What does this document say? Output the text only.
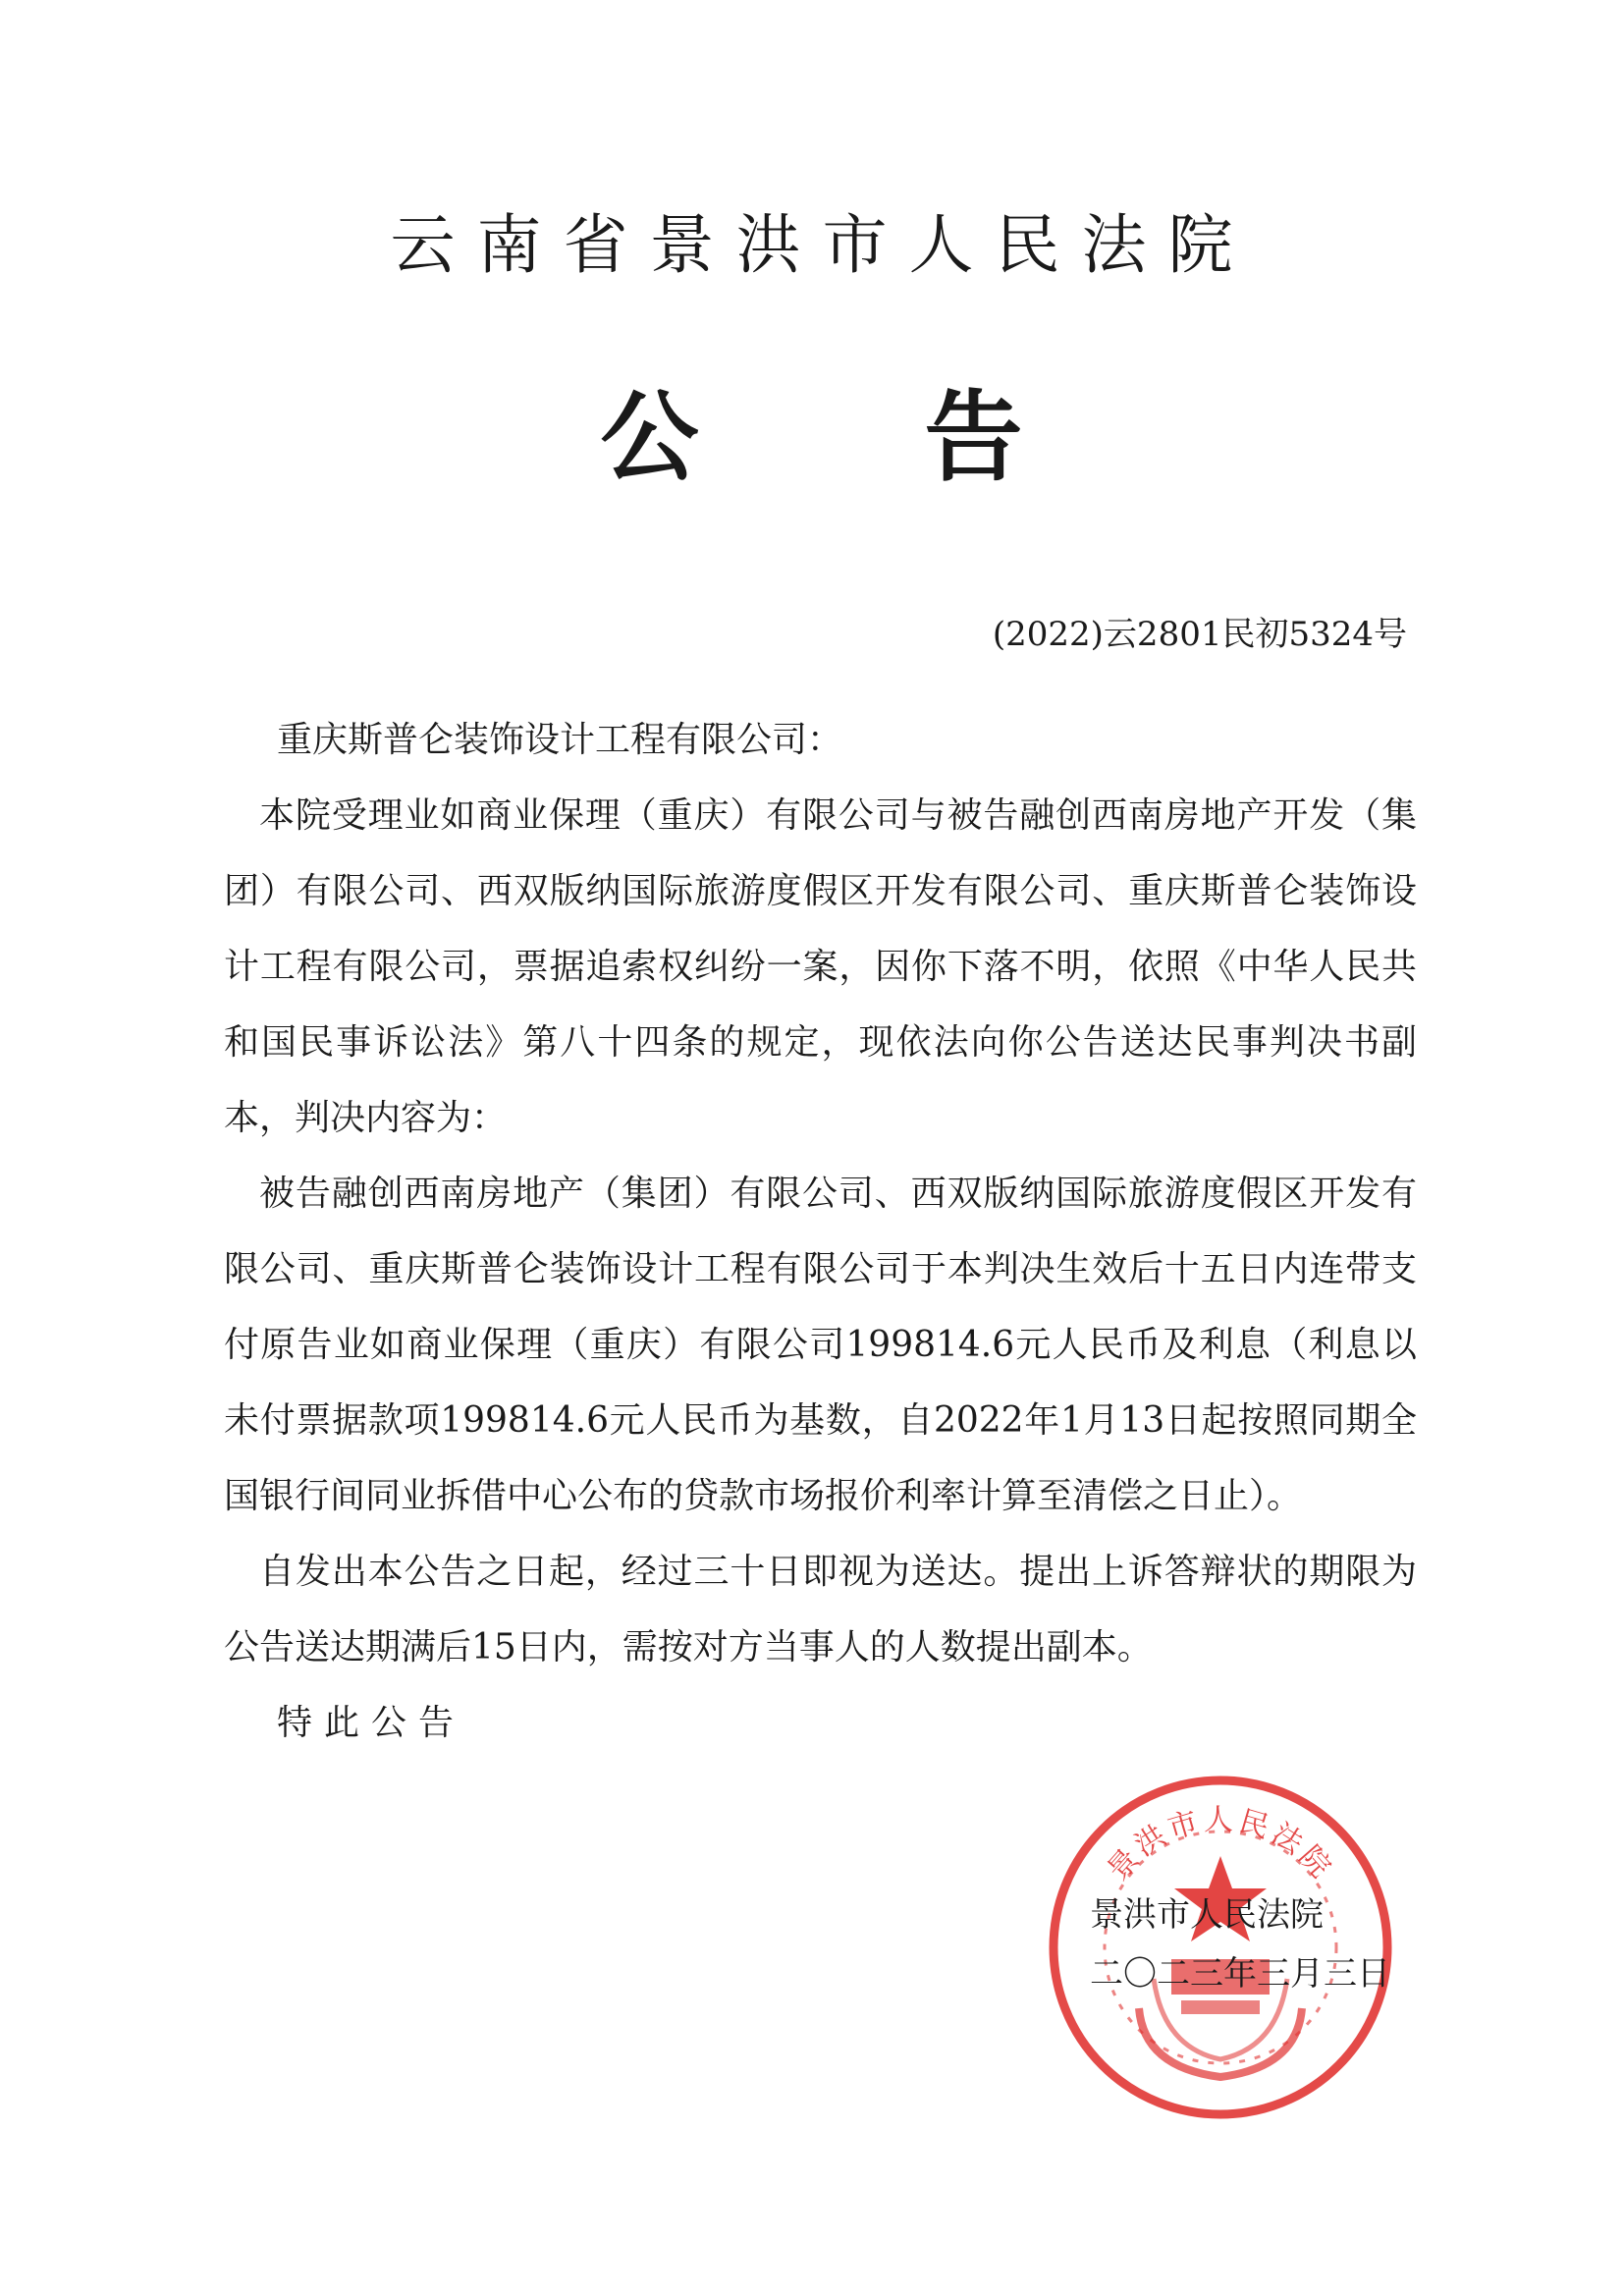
云南省景洪市人民法院
公告
(2022)云2801民初5324号

重庆斯普仑装饰设计工程有限公司：

本院受理业如商业保理（重庆）有限公司与被告融创西南房地产开发（集团）有限公司、西双版纳国际旅游度假区开发有限公司、重庆斯普仑装饰设计工程有限公司，票据追索权纠纷一案，因你下落不明，依照《中华人民共和国民事诉讼法》第八十四条的规定，现依法向你公告送达民事判决书副本，判决内容为：

被告融创西南房地产（集团）有限公司、西双版纳国际旅游度假区开发有限公司、重庆斯普仑装饰设计工程有限公司于本判决生效后十五日内连带支付原告业如商业保理（重庆）有限公司199814.6元人民币及利息（利息以未付票据款项199814.6元人民币为基数，自2022年1月13日起按照同期全国银行间同业拆借中心公布的贷款市场报价利率计算至清偿之日止）。

自发出本公告之日起，经过三十日即视为送达。提出上诉答辩状的期限为公告送达期满后15日内，需按对方当事人的人数提出副本。

特此公告

景洪市人民法院
景洪市人民法院
二〇二三年三月三日
